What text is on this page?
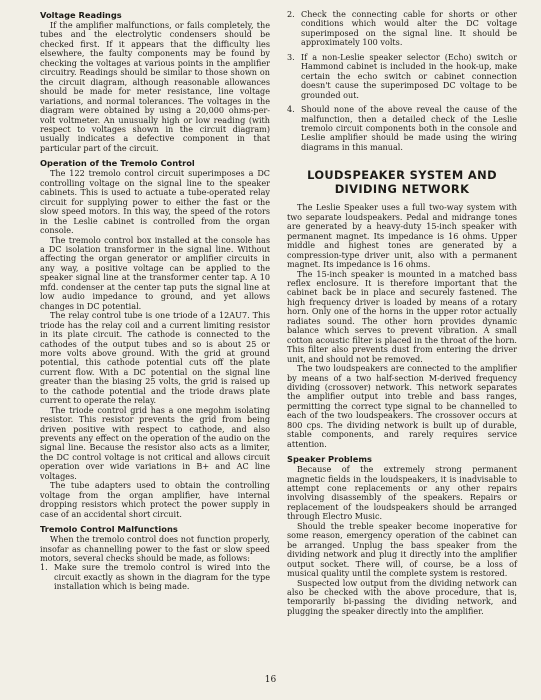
Voltage Readings

If the amplifier malfunctions, or fails completely, the tubes and the electrolytic condensers should be checked first. If it appears that the difficulty lies elsewhere, the faulty components may be found by checking the voltages at various points in the amplifier circuitry. Readings should be similar to those shown on the circuit diagram, although reasonable allowances should be made for meter resistance, line voltage variations, and normal tolerances. The voltages in the diagram were obtained by using a 20,000 ohms-per-volt voltmeter. An unusually high or low reading (with respect to voltages shown in the circuit diagram) usually indicates a defective component in that particular part of the circuit.

Operation of the Tremolo Control

The 122 tremolo control circuit superimposes a DC controlling voltage on the signal line to the speaker cabinets. This is used to actuate a tube-operated relay circuit for supplying power to either the fast or the slow speed motors. In this way, the speed of the rotors in the Leslie cabinet is controlled from the organ console.

The tremolo control box installed at the console has a DC isolation transformer in the signal line. Without affecting the organ generator or amplifier circuits in any way, a positive voltage can be applied to the speaker signal line at the transformer center tap. A 10 mfd. condenser at the center tap puts the signal line at low audio impedance to ground, and yet allows changes in DC potential.

The relay control tube is one triode of a 12AU7. This triode has the relay coil and a current limiting resistor in its plate circuit. The cathode is connected to the cathodes of the output tubes and so is about 25 or more volts above ground. With the grid at ground potential, this cathode potential cuts off the plate current flow. With a DC potential on the signal line greater than the biasing 25 volts, the grid is raised up to the cathode potential and the triode draws plate current to operate the relay.

The triode control grid has a one megohm isolating resistor. This resistor prevents the grid from being driven positive with respect to cathode, and also prevents any effect on the operation of the audio on the signal line. Because the resistor also acts as a limiter, the DC control voltage is not critical and allows circuit operation over wide variations in B+ and AC line voltages.

The tube adapters used to obtain the controlling voltage from the organ amplifier, have internal dropping resistors which protect the power supply in case of an accidental short circuit.

Tremolo Control Malfunctions

When the tremolo control does not function properly, insofar as channelling power to the fast or slow speed motors, several checks should be made, as follows:

1. Make sure the tremolo control is wired into the circuit exactly as shown in the diagram for the type installation which is being made.
2. Check the connecting cable for shorts or other conditions which would alter the DC voltage superimposed on the signal line. It should be approximately 100 volts.
3. If a non-Leslie speaker selector (Echo) switch or Hammond cabinet is included in the hook-up, make certain the echo switch or cabinet connection doesn't cause the superimposed DC voltage to be grounded out.
4. Should none of the above reveal the cause of the malfunction, then a detailed check of the Leslie tremolo circuit components both in the console and Leslie amplifier should be made using the wiring diagrams in this manual.
LOUDSPEAKER SYSTEM AND
DIVIDING NETWORK

The Leslie Speaker uses a full two-way system with two separate loudspeakers. Pedal and midrange tones are generated by a heavy-duty 15-inch speaker with permanent magnet. Its impedance is 16 ohms. Upper middle and highest tones are generated by a compression-type driver unit, also with a permanent magnet. Its impedance is 16 ohms.

The 15-inch speaker is mounted in a matched bass reflex enclosure. It is therefore important that the cabinet back be in place and securely fastened. The high frequency driver is loaded by means of a rotary horn. Only one of the horns in the upper rotor actually radiates sound. The other horn provides dynamic balance which serves to prevent vibration. A small cotton acoustic filter is placed in the throat of the horn. This filter also prevents dust from entering the driver unit, and should not be removed.

The two loudspeakers are connected to the amplifier by means of a two half-section M-derived frequency dividing (crossover) network. This network separates the amplifier output into treble and bass ranges, permitting the correct type signal to be channelled to each of the two loudspeakers. The crossover occurs at 800 cps. The dividing network is built up of durable, stable components, and rarely requires service attention.

Speaker Problems

Because of the extremely strong permanent magnetic fields in the loudspeakers, it is inadvisable to attempt cone replacements or any other repairs involving disassembly of the speakers. Repairs or replacement of the loudspeakers should be arranged through Electro Music.

Should the treble speaker become inoperative for some reason, emergency operation of the cabinet can be arranged. Unplug the bass speaker from the dividing network and plug it directly into the amplifier output socket. There will, of course, be a loss of musical quality until the complete system is restored.

Suspected low output from the dividing network can also be checked with the above procedure, that is, temporarily bi-passing the dividing network, and plugging the speaker directly into the amplifier.

16
